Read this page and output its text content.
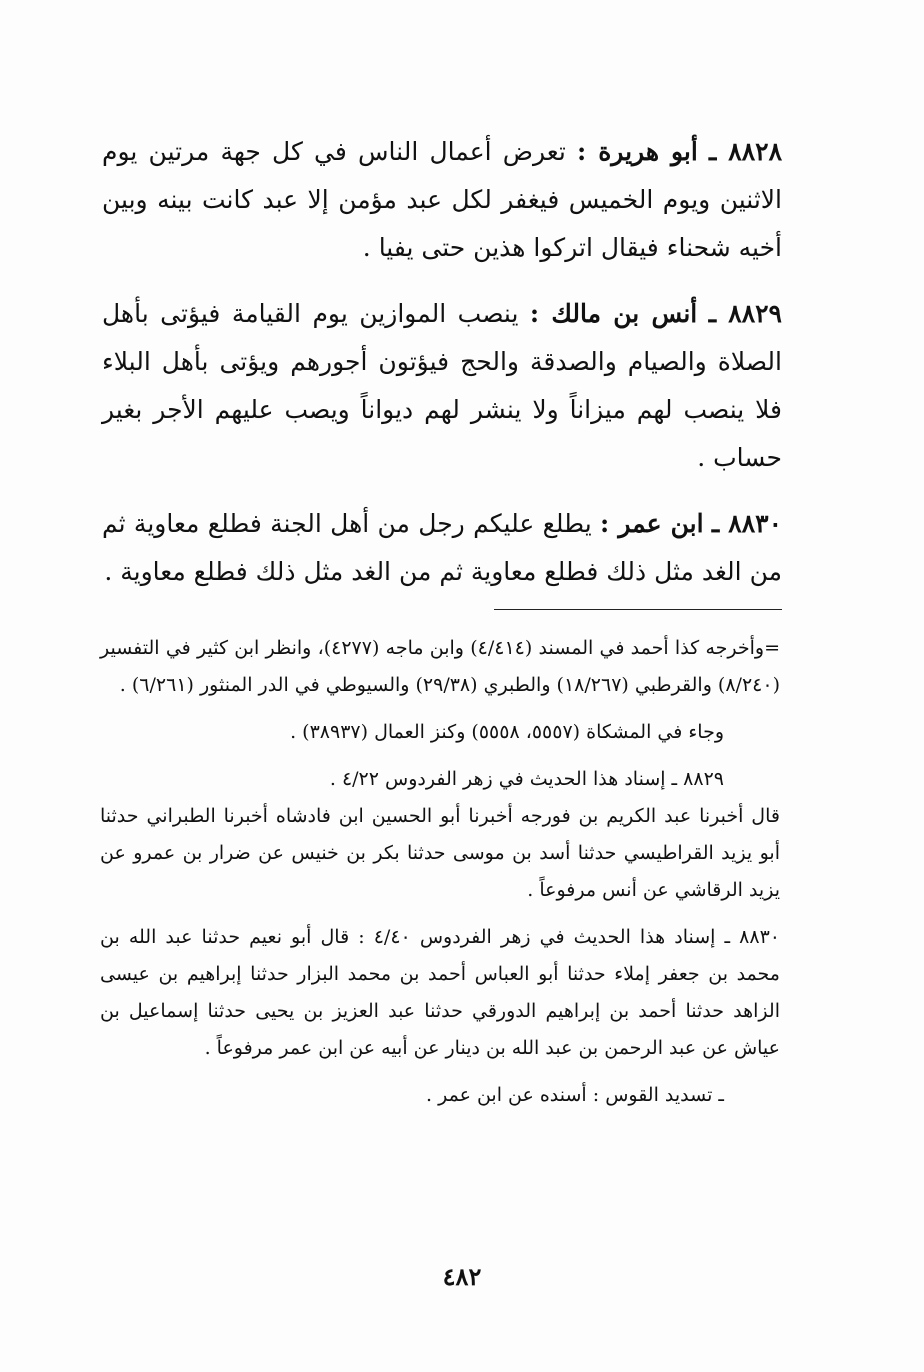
٨٨٢٨ ـ أبو هريرة : تعرض أعمال الناس في كل جهة مرتين يوم الاثنين ويوم الخميس فيغفر لكل عبد مؤمن إلا عبد كانت بينه وبين أخيه شحناء فيقال اتركوا هذين حتى يفيا .

٨٨٢٩ ـ أنس بن مالك : ينصب الموازين يوم القيامة فيؤتى بأهل الصلاة والصيام والصدقة والحج فيؤتون أجورهم ويؤتى بأهل البلاء فلا ينصب لهم ميزاناً ولا ينشر لهم ديواناً ويصب عليهم الأجر بغير حساب .

٨٨٣٠ ـ ابن عمر : يطلع عليكم رجل من أهل الجنة فطلع معاوية ثم من الغد مثل ذلك فطلع معاوية ثم من الغد مثل ذلك فطلع معاوية .

=وأخرجه كذا أحمد في المسند (٤/٤١٤) وابن ماجه (٤٢٧٧)، وانظر ابن كثير في التفسير (٨/٢٤٠) والقرطبي (١٨/٢٦٧) والطبري (٢٩/٣٨) والسيوطي في الدر المنثور (٦/٢٦١) .

وجاء في المشكاة (٥٥٥٧، ٥٥٥٨) وكنز العمال (٣٨٩٣٧) .

٨٨٢٩ ـ إسناد هذا الحديث في زهر الفردوس ٤/٢٢ .

قال أخبرنا عبد الكريم بن فورجه أخبرنا أبو الحسين ابن فادشاه أخبرنا الطبراني حدثنا أبو يزيد القراطيسي حدثنا أسد بن موسى حدثنا بكر بن خنيس عن ضرار بن عمرو عن يزيد الرقاشي عن أنس مرفوعاً .

٨٨٣٠ ـ إسناد هذا الحديث في زهر الفردوس ٤/٤٠ : قال أبو نعيم حدثنا عبد الله بن محمد بن جعفر إملاء حدثنا أبو العباس أحمد بن محمد البزار حدثنا إبراهيم بن عيسى الزاهد حدثنا أحمد بن إبراهيم الدورقي حدثنا عبد العزيز بن يحيى حدثنا إسماعيل بن عياش عن عبد الرحمن بن عبد الله بن دينار عن أبيه عن ابن عمر مرفوعاً .

ـ تسديد القوس : أسنده عن ابن عمر .

٤٨٢
